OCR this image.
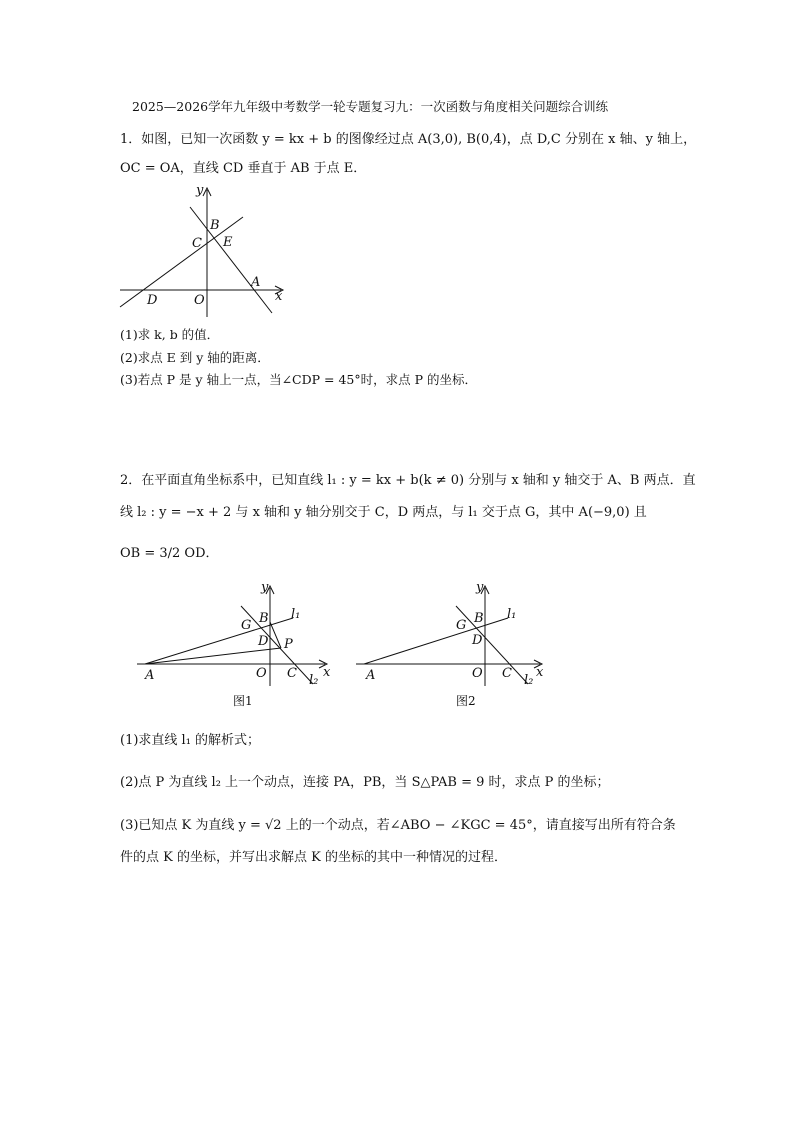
2025—2026学年九年级中考数学一轮专题复习九：一次函数与角度相关问题综合训练
1．如图，已知一次函数 y = kx + b 的图像经过点 A(3,0), B(0,4)，点 D,C 分别在 x 轴、y 轴上，
OC = OA，直线 CD 垂直于 AB 于点 E．
y
x
B
C E
A
D	O
(1)求 k, b 的值．
(2)求点 E 到 y 轴的距离．
(3)若点 P 是 y 轴上一点，当∠CDP = 45°时，求点 P 的坐标．
2．在平面直角坐标系中，已知直线 l₁ : y = kx + b(k ≠ 0) 分别与 x 轴和 y 轴交于 A、B 两点．直
线 l₂ : y = −x + 2 与 x 轴和 y 轴分别交于 C，D 两点，与 l₁ 交于点 G，其中 A(−9,0) 且
OB = 3/2 OD．
y
x
B
G
D P
A	O C
l₁
l₂
图1
y
x
B
G
D
A	O C
l₁
l₂
图2
(1)求直线 l₁ 的解析式；
(2)点 P 为直线 l₂ 上一个动点，连接 PA，PB，当 S△PAB = 9 时，求点 P 的坐标；
(3)已知点 K 为直线 y = √2 上的一个动点，若∠ABO − ∠KGC = 45°，请直接写出所有符合条
件的点 K 的坐标，并写出求解点 K 的坐标的其中一种情况的过程．
